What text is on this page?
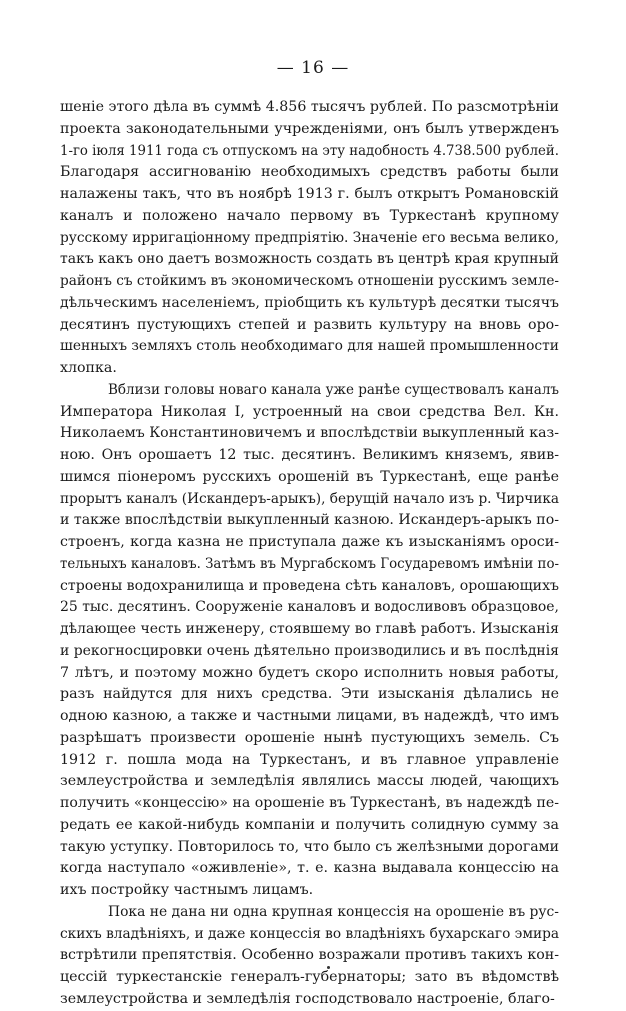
— 16 —
шеніе этого дѣла въ суммѣ 4.856 тысячъ рублей. По разсмотрѣніи
проекта законодательными учрежденіями, онъ былъ утвержденъ
1-го іюля 1911 года съ отпускомъ на эту надобность 4.738.500 рублей.
Благодаря ассигнованію необходимыхъ средствъ работы были
налажены такъ, что въ ноябрѣ 1913 г. былъ открытъ Романовскій
каналъ и положено начало первому въ Туркестанѣ крупному
русскому ирригаціонному предпріятію. Значеніе его весьма велико,
такъ какъ оно даетъ возможность создать въ центрѣ края крупный
районъ съ стойкимъ въ экономическомъ отношеніи русскимъ земле-
дѣльческимъ населеніемъ, пріобщить къ культурѣ десятки тысячъ
десятинъ пустующихъ степей и развить культуру на вновь оро-
шенныхъ земляхъ столь необходимаго для нашей промышленности
хлопка.
Вблизи головы новаго канала уже ранѣе существовалъ каналъ
Императора Николая I, устроенный на свои средства Вел. Кн.
Николаемъ Константиновичемъ и впослѣдствіи выкупленный каз-
ною. Онъ орошаетъ 12 тыс. десятинъ. Великимъ княземъ, явив-
шимся піонеромъ русскихъ орошеній въ Туркестанѣ, еще ранѣе
прорытъ каналъ (Искандеръ-арыкъ), берущій начало изъ р. Чирчика
и также впослѣдствіи выкупленный казною. Искандеръ-арыкъ по-
строенъ, когда казна не приступала даже къ изысканіямъ ороси-
тельныхъ каналовъ. Затѣмъ въ Мургабскомъ Государевомъ имѣніи по-
строены водохранилища и проведена сѣть каналовъ, орошающихъ
25 тыс. десятинъ. Сооруженіе каналовъ и водосливовъ образцовое,
дѣлающее честь инженеру, стоявшему во главѣ работъ. Изысканія
и рекогносцировки очень дѣятельно производились и въ послѣднія
7 лѣтъ, и поэтому можно будетъ скоро исполнить новыя работы,
разъ найдутся для нихъ средства. Эти изысканія дѣлались не
одною казною, а также и частными лицами, въ надеждѣ, что имъ
разрѣшатъ произвести орошеніе нынѣ пустующихъ земель. Съ
1912 г. пошла мода на Туркестанъ, и въ главное управленіе
землеустройства и земледѣлія являлись массы людей, чающихъ
получить «концессію» на орошеніе въ Туркестанѣ, въ надеждѣ пе-
редать ее какой-нибудь компаніи и получить солидную сумму за
такую уступку. Повторилось то, что было съ желѣзными дорогами
когда наступало «оживленіе», т. е. казна выдавала концессію на
ихъ постройку частнымъ лицамъ.
Пока не дана ни одна крупная концессія на орошеніе въ рус-
скихъ владѣніяхъ, и даже концессія во владѣніяхъ бухарскаго эмира
встрѣтили препятствія. Особенно возражали противъ такихъ кон-
цессій туркестанскіе генералъ-губернаторы; зато въ вѣдомствѣ
землеустройства и земледѣлія господствовало настроеніе, благо-
